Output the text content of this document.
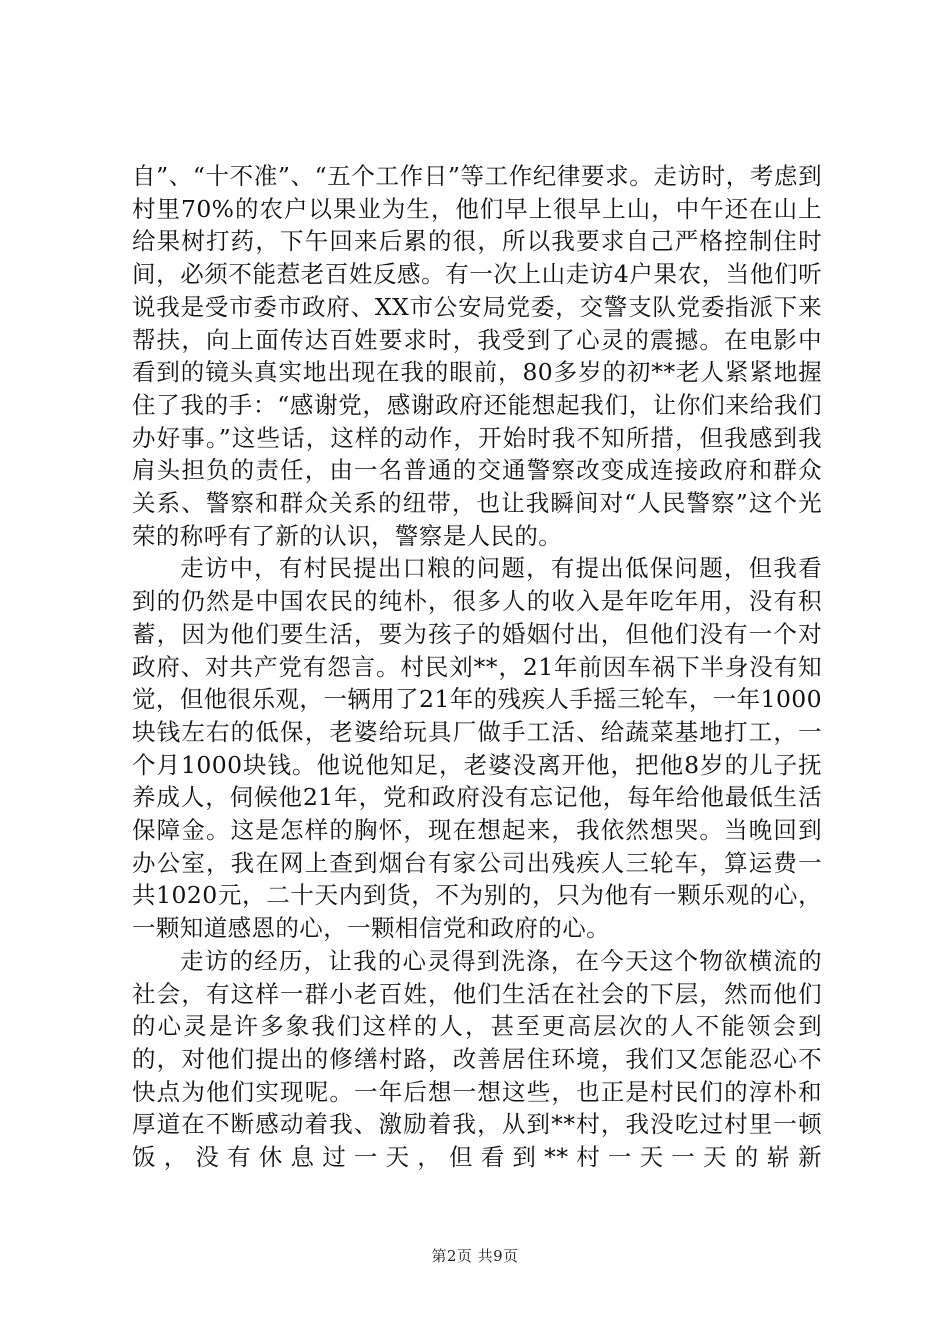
自”、“十不准”、“五个工作日”等工作纪律要求。走访时，考虑到村里70%的农户以果业为生，他们早上很早上山，中午还在山上给果树打药，下午回来后累的很，所以我要求自己严格控制住时间，必须不能惹老百姓反感。有一次上山走访4户果农，当他们听说我是受市委市政府、XX市公安局党委，交警支队党委指派下来帮扶，向上面传达百姓要求时，我受到了心灵的震撼。在电影中看到的镜头真实地出现在我的眼前，80多岁的初**老人紧紧地握住了我的手：“感谢党，感谢政府还能想起我们，让你们来给我们办好事。”这些话，这样的动作，开始时我不知所措，但我感到我肩头担负的责任，由一名普通的交通警察改变成连接政府和群众关系、警察和群众关系的纽带，也让我瞬间对“人民警察”这个光荣的称呼有了新的认识，警察是人民的。

走访中，有村民提出口粮的问题，有提出低保问题，但我看到的仍然是中国农民的纯朴，很多人的收入是年吃年用，没有积蓄，因为他们要生活，要为孩子的婚姻付出，但他们没有一个对政府、对共产党有怨言。村民刘**，21年前因车祸下半身没有知觉，但他很乐观，一辆用了21年的残疾人手摇三轮车，一年1000块钱左右的低保，老婆给玩具厂做手工活、给蔬菜基地打工，一个月1000块钱。他说他知足，老婆没离开他，把他8岁的儿子抚养成人，伺候他21年，党和政府没有忘记他，每年给他最低生活保障金。这是怎样的胸怀，现在想起来，我依然想哭。当晚回到办公室，我在网上查到烟台有家公司出残疾人三轮车，算运费一共1020元，二十天内到货，不为别的，只为他有一颗乐观的心，一颗知道感恩的心，一颗相信党和政府的心。

走访的经历，让我的心灵得到洗涤，在今天这个物欲横流的社会，有这样一群小老百姓，他们生活在社会的下层，然而他们的心灵是许多象我们这样的人，甚至更高层次的人不能领会到的，对他们提出的修缮村路，改善居住环境，我们又怎能忍心不快点为他们实现呢。一年后想一想这些，也正是村民们的淳朴和厚道在不断感动着我、激励着我，从到**村，我没吃过村里一顿饭，没有休息过一天，但看到**村一天一天的崭新

第2页 共9页
